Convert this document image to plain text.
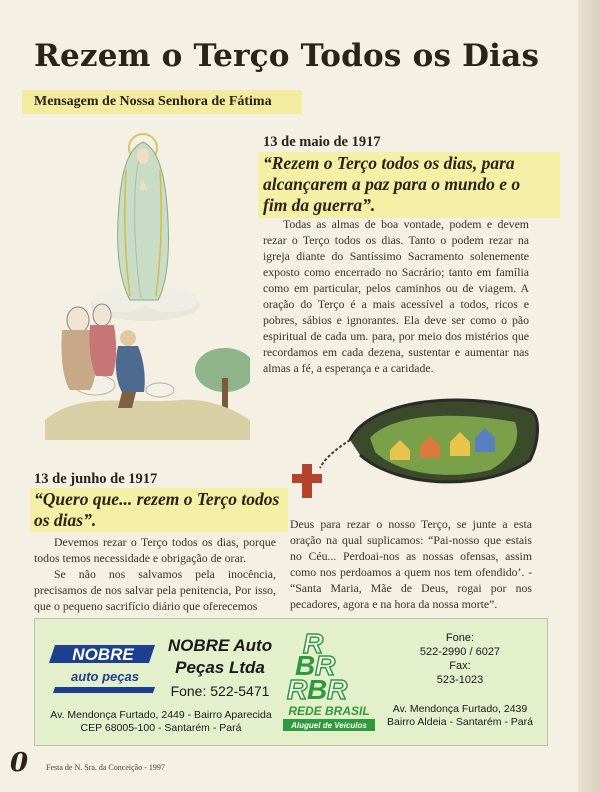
Rezem o Terço Todos os Dias
Mensagem de Nossa Senhora de Fátima
13 de maio de 1917
“Rezem o Terço todos os dias, para
alcançarem a paz para o mundo e o
fim da guerra”.

Todas as almas de boa vontade, podem e devem rezar o Terço todos os dias. Tanto o podem rezar na igreja diante do Santíssimo Sacramento solenemente exposto como encerrado no Sacrário; tanto em família como em particular, pelos caminhos ou de viagem. A oração do Terço é a mais acessível a todos, ricos e pobres, sábios e ignorantes. Ela deve ser como o pão espiritual de cada um. para, por meio dos mistérios que recordamos em cada dezena, sustentar e aumentar nas almas a fé, a esperança e a caridade.

13 de junho de 1917
“Quero que... rezem o Terço todos
os dias”.

Devemos rezar o Terço todos os dias, porque todos temos necessidade e obrigação de orar.

Se não nos salvamos pela inocência, precisamos de nos salvar pela penitencia, Por isso, que o pequeno sacrifício diário que oferecemos

Deus para rezar o nosso Terço, se junte a esta oração na qual suplicamos: “Pai-nosso que estais no Céu... Perdoai-nos as nossas ofensas, assim como nos perdoamos a quem nos tem ofendido’. - “Santa Maria, Mãe de Deus, rogai por nos pecadores, agora e na hora da nossa morte”.

NOBRE
auto peças
NOBRE Auto
Peças Ltda
Fone: 522-5471
Av. Mendonça Furtado, 2449 - Bairro Aparecida
CEP 68005-100 - Santarém - Pará
R
B R
R B R
REDE BRASIL
Aluguel de Veículos
Fone:
522-2990 / 6027
Fax:
523-1023
Av. Mendonça Furtado, 2439
Bairro Aldeia - Santarém - Pará
0 Festa de N. Sra. da Conceição - 1997
